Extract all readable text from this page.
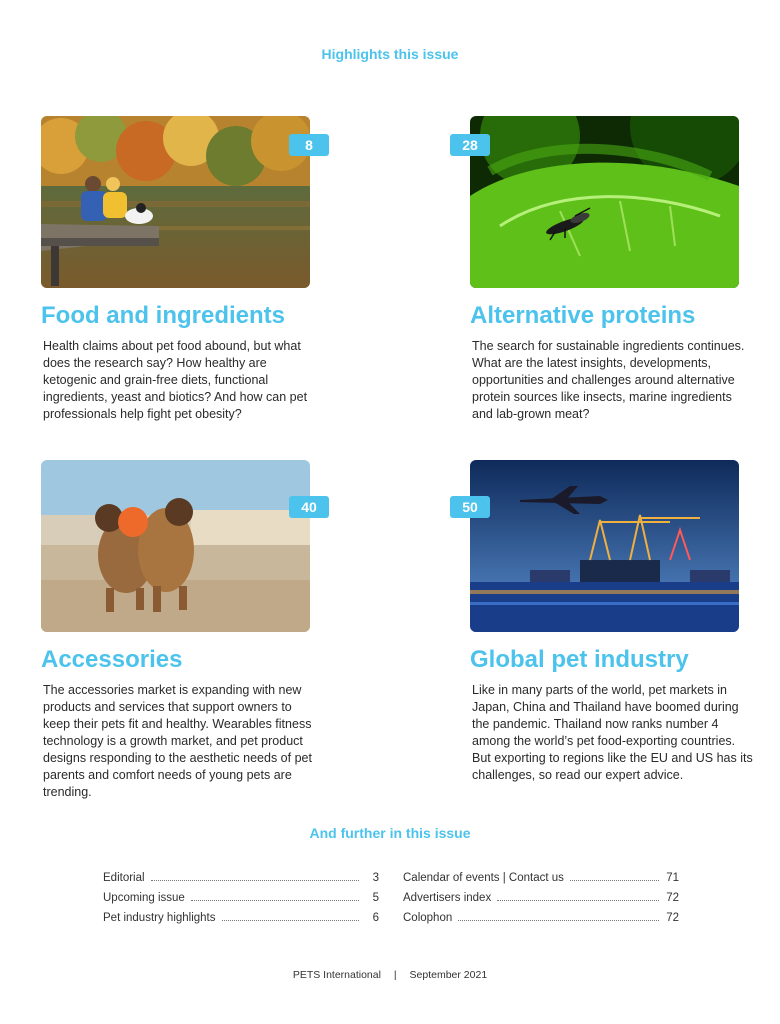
Highlights this issue
8
Food and ingredients
Health claims about pet food abound, but what does the research say? How healthy are ketogenic and grain-free diets, functional ingredients, yeast and biotics? And how can pet professionals help fight pet obesity?
28
Alternative proteins
The search for sustainable ingredients continues. What are the latest insights, developments, opportunities and challenges around alternative protein sources like insects, marine ingredients and lab-grown meat?
40
Accessories
The accessories market is expanding with new products and services that support owners to keep their pets fit and healthy. Wearables fitness technology is a growth market, and pet product designs responding to the aesthetic needs of pet parents and comfort needs of young pets are trending.
50
Global pet industry
Like in many parts of the world, pet markets in Japan, China and Thailand have boomed during the pandemic. Thailand now ranks number 4 among the world’s pet food-exporting countries. But exporting to regions like the EU and US has its challenges, so read our expert advice.
And further in this issue
Editorial	3
Upcoming issue	5
Pet industry highlights	6
Calendar of events | Contact us	71
Advertisers index	72
Colophon	72
PETS International | September 2021
